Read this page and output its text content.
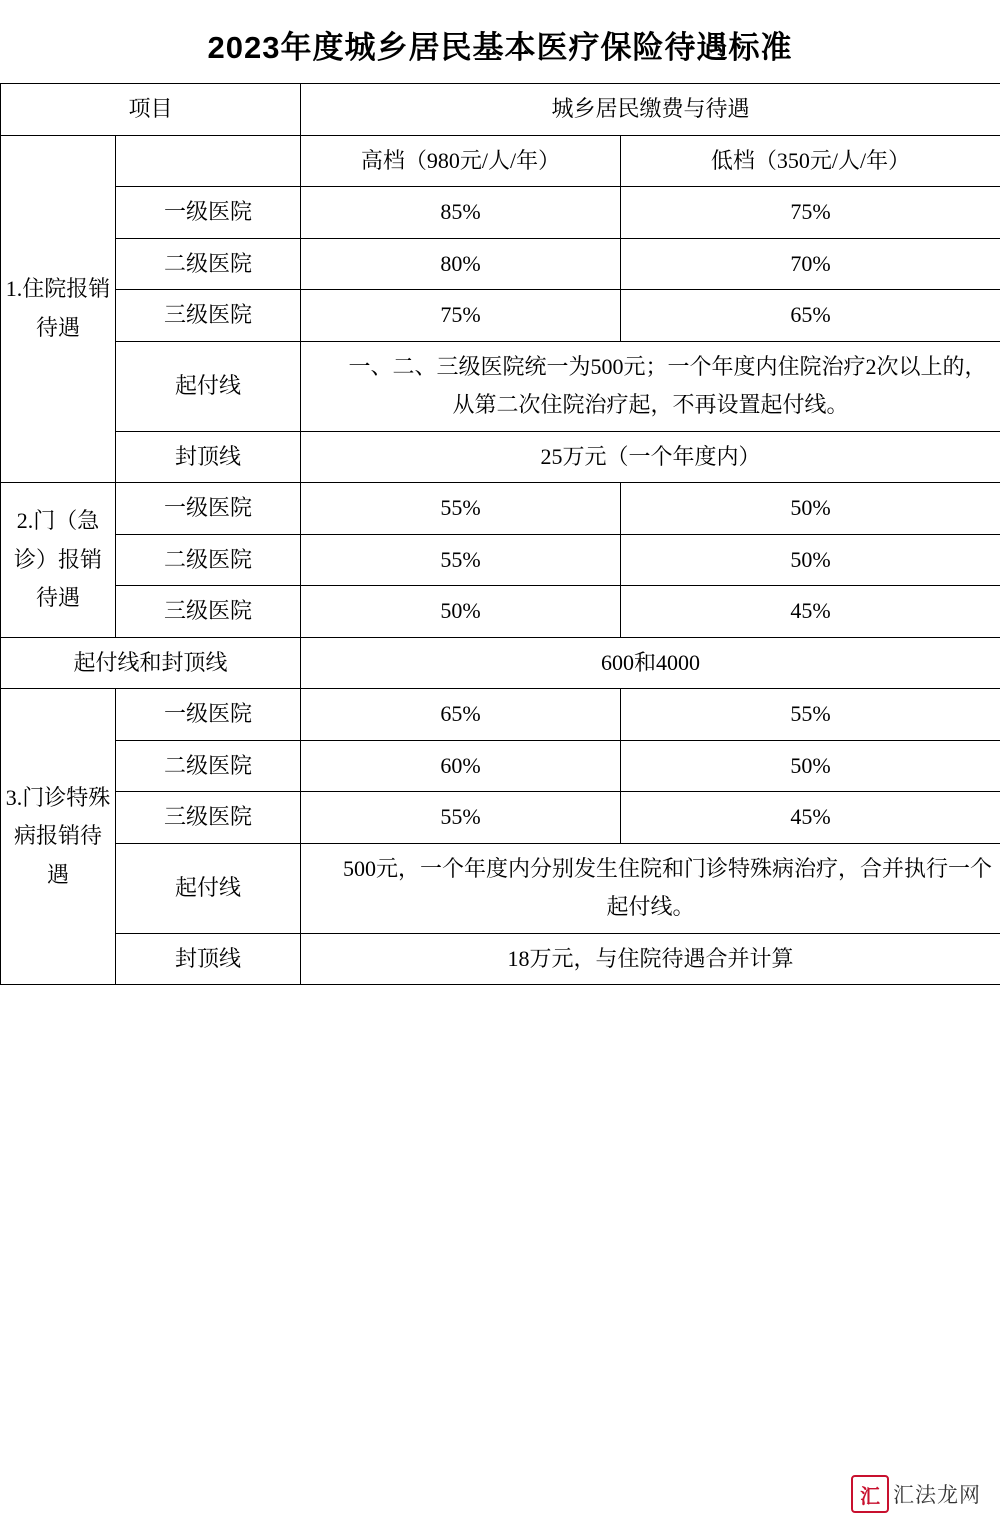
2023年度城乡居民基本医疗保险待遇标准
项目		城乡居民缴费与待遇	
1.住院报销待遇		高档（980元/人/年）	低档（350元/人/年）
	一级医院	85%	75%
	二级医院	80%	70%
	三级医院	75%	65%
	起付线	一、二、三级医院统一为500元；一个年度内住院治疗2次以上的，从第二次住院治疗起，不再设置起付线。	
	封顶线	25万元（一个年度内）	
2.门（急诊）报销待遇	一级医院	55%	50%
	二级医院	55%	50%
	三级医院	50%	45%
起付线和封顶线		600和4000	
3.门诊特殊病报销待遇	一级医院	65%	55%
	二级医院	60%	50%
	三级医院	55%	45%
	起付线	500元，一个年度内分别发生住院和门诊特殊病治疗，合并执行一个起付线。	
	封顶线	18万元，与住院待遇合并计算	
汇 汇法龙网
